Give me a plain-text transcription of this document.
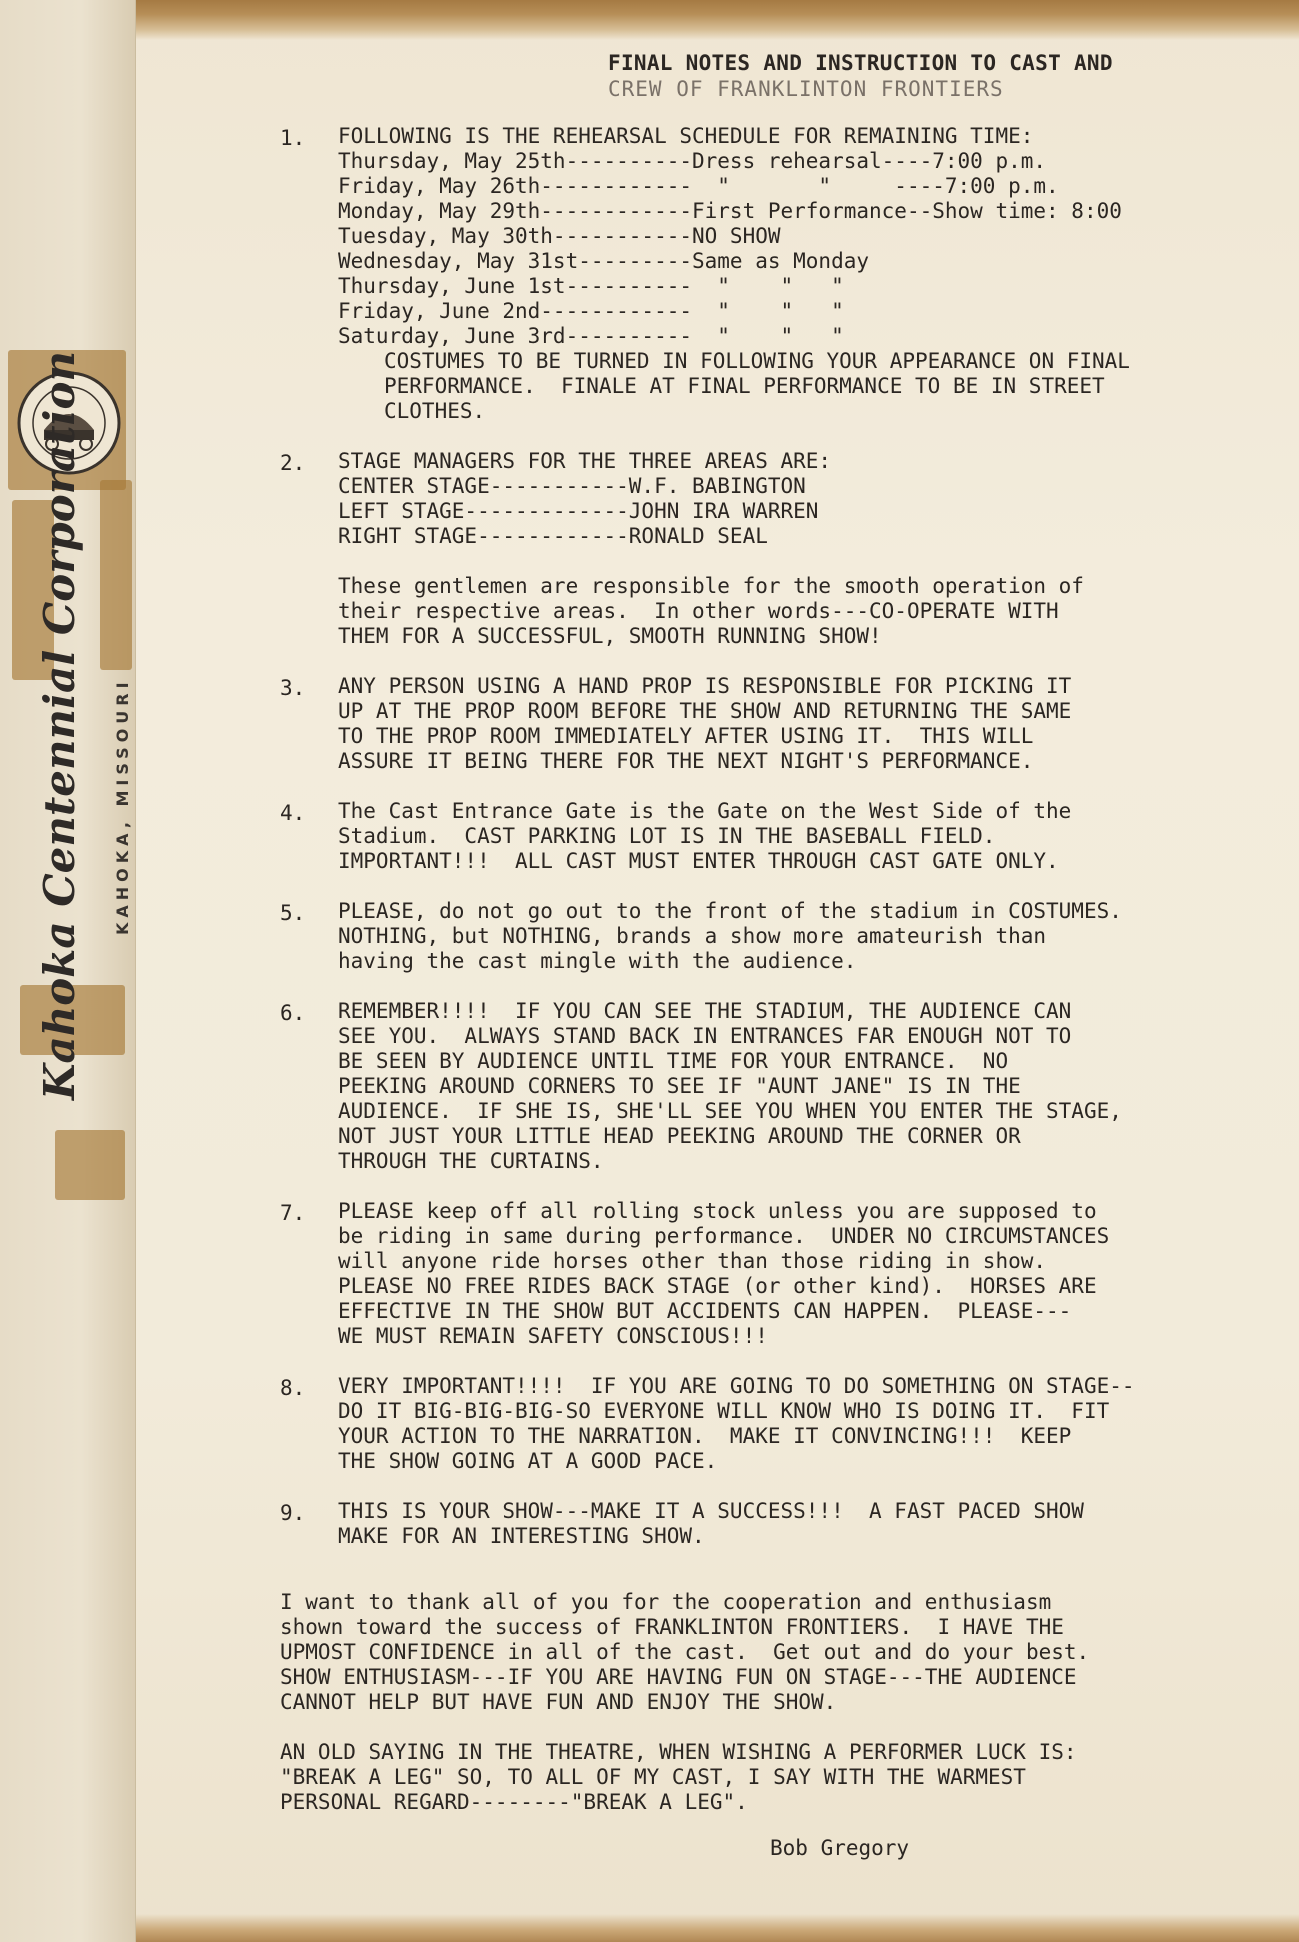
Kahoka Centennial Corporation KAHOKA, MISSOURI
FINAL NOTES AND INSTRUCTION TO CAST AND
CREW OF FRANKLINTON FRONTIERS
1. FOLLOWING IS THE REHEARSAL SCHEDULE FOR REMAINING TIME:
Thursday, May 25th----------Dress rehearsal----7:00 p.m.
Friday, May 26th------------  "       "     ----7:00 p.m.
Monday, May 29th------------First Performance--Show time: 8:00
Tuesday, May 30th-----------NO SHOW
Wednesday, May 31st---------Same as Monday
Thursday, June 1st----------  "    "   "
Friday, June 2nd------------  "    "   "
Saturday, June 3rd----------  "    "   "
COSTUMES TO BE TURNED IN FOLLOWING YOUR APPEARANCE ON FINAL
PERFORMANCE.  FINALE AT FINAL PERFORMANCE TO BE IN STREET
CLOTHES.
2. STAGE MANAGERS FOR THE THREE AREAS ARE:
CENTER STAGE-----------W.F. BABINGTON
LEFT STAGE-------------JOHN IRA WARREN
RIGHT STAGE------------RONALD SEAL
These gentlemen are responsible for the smooth operation of
their respective areas.  In other words---CO-OPERATE WITH
THEM FOR A SUCCESSFUL, SMOOTH RUNNING SHOW!
3. ANY PERSON USING A HAND PROP IS RESPONSIBLE FOR PICKING IT
UP AT THE PROP ROOM BEFORE THE SHOW AND RETURNING THE SAME
TO THE PROP ROOM IMMEDIATELY AFTER USING IT.  THIS WILL
ASSURE IT BEING THERE FOR THE NEXT NIGHT'S PERFORMANCE.
4. The Cast Entrance Gate is the Gate on the West Side of the
Stadium.  CAST PARKING LOT IS IN THE BASEBALL FIELD.
IMPORTANT!!!  ALL CAST MUST ENTER THROUGH CAST GATE ONLY.
5. PLEASE, do not go out to the front of the stadium in COSTUMES.
NOTHING, but NOTHING, brands a show more amateurish than
having the cast mingle with the audience.
6. REMEMBER!!!!  IF YOU CAN SEE THE STADIUM, THE AUDIENCE CAN
SEE YOU.  ALWAYS STAND BACK IN ENTRANCES FAR ENOUGH NOT TO
BE SEEN BY AUDIENCE UNTIL TIME FOR YOUR ENTRANCE.  NO
PEEKING AROUND CORNERS TO SEE IF "AUNT JANE" IS IN THE
AUDIENCE.  IF SHE IS, SHE'LL SEE YOU WHEN YOU ENTER THE STAGE,
NOT JUST YOUR LITTLE HEAD PEEKING AROUND THE CORNER OR
THROUGH THE CURTAINS.
7. PLEASE keep off all rolling stock unless you are supposed to
be riding in same during performance.  UNDER NO CIRCUMSTANCES
will anyone ride horses other than those riding in show.
PLEASE NO FREE RIDES BACK STAGE (or other kind).  HORSES ARE
EFFECTIVE IN THE SHOW BUT ACCIDENTS CAN HAPPEN.  PLEASE---
WE MUST REMAIN SAFETY CONSCIOUS!!!
8. VERY IMPORTANT!!!!  IF YOU ARE GOING TO DO SOMETHING ON STAGE--
DO IT BIG-BIG-BIG-SO EVERYONE WILL KNOW WHO IS DOING IT.  FIT
YOUR ACTION TO THE NARRATION.  MAKE IT CONVINCING!!!  KEEP
THE SHOW GOING AT A GOOD PACE.
9. THIS IS YOUR SHOW---MAKE IT A SUCCESS!!!  A FAST PACED SHOW
MAKE FOR AN INTERESTING SHOW.
I want to thank all of you for the cooperation and enthusiasm
shown toward the success of FRANKLINTON FRONTIERS.  I HAVE THE
UPMOST CONFIDENCE in all of the cast.  Get out and do your best.
SHOW ENTHUSIASM---IF YOU ARE HAVING FUN ON STAGE---THE AUDIENCE
CANNOT HELP BUT HAVE FUN AND ENJOY THE SHOW.
AN OLD SAYING IN THE THEATRE, WHEN WISHING A PERFORMER LUCK IS:
"BREAK A LEG" SO, TO ALL OF MY CAST, I SAY WITH THE WARMEST
PERSONAL REGARD--------"BREAK A LEG".
Bob Gregory
